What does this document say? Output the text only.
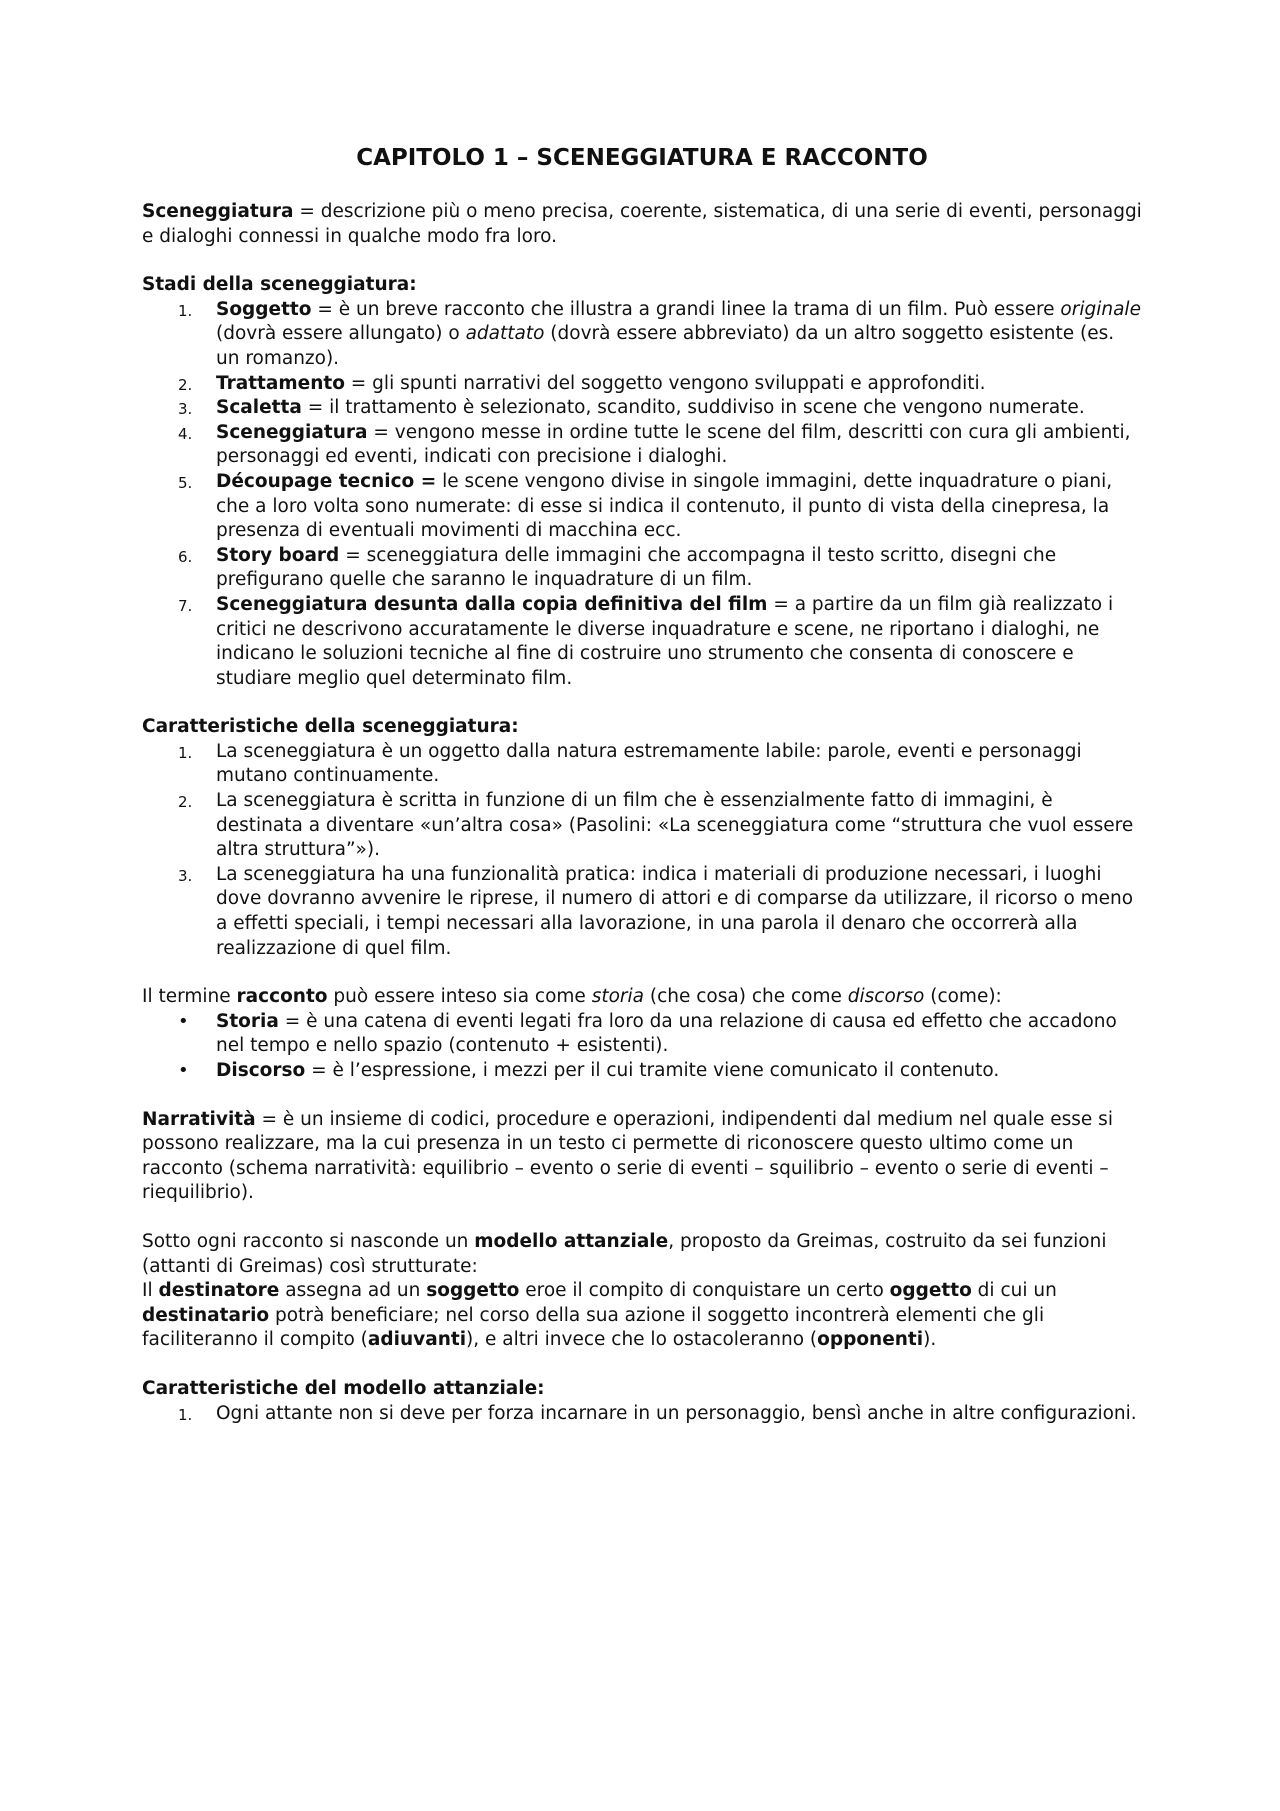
CAPITOLO 1 – SCENEGGIATURA E RACCONTO

Sceneggiatura = descrizione più o meno precisa, coerente, sistematica, di una serie di eventi, personaggi e dialoghi connessi in qualche modo fra loro.

Stadi della sceneggiatura:

1. Soggetto = è un breve racconto che illustra a grandi linee la trama di un film. Può essere originale (dovrà essere allungato) o adattato (dovrà essere abbreviato) da un altro soggetto esistente (es. un romanzo).
2. Trattamento = gli spunti narrativi del soggetto vengono sviluppati e approfonditi.
3. Scaletta = il trattamento è selezionato, scandito, suddiviso in scene che vengono numerate.
4. Sceneggiatura = vengono messe in ordine tutte le scene del film, descritti con cura gli ambienti, personaggi ed eventi, indicati con precisione i dialoghi.
5. Découpage tecnico = le scene vengono divise in singole immagini, dette inquadrature o piani, che a loro volta sono numerate: di esse si indica il contenuto, il punto di vista della cinepresa, la presenza di eventuali movimenti di macchina ecc.
6. Story board = sceneggiatura delle immagini che accompagna il testo scritto, disegni che prefigurano quelle che saranno le inquadrature di un film.
7. Sceneggiatura desunta dalla copia definitiva del film = a partire da un film già realizzato i critici ne descrivono accuratamente le diverse inquadrature e scene, ne riportano i dialoghi, ne indicano le soluzioni tecniche al fine di costruire uno strumento che consenta di conoscere e studiare meglio quel determinato film.

Caratteristiche della sceneggiatura:

1. La sceneggiatura è un oggetto dalla natura estremamente labile: parole, eventi e personaggi mutano continuamente.
2. La sceneggiatura è scritta in funzione di un film che è essenzialmente fatto di immagini, è destinata a diventare «un’altra cosa» (Pasolini: «La sceneggiatura come “struttura che vuol essere altra struttura”»).
3. La sceneggiatura ha una funzionalità pratica: indica i materiali di produzione necessari, i luoghi dove dovranno avvenire le riprese, il numero di attori e di comparse da utilizzare, il ricorso o meno a effetti speciali, i tempi necessari alla lavorazione, in una parola il denaro che occorrerà alla realizzazione di quel film.

Il termine racconto può essere inteso sia come storia (che cosa) che come discorso (come):

• Storia = è una catena di eventi legati fra loro da una relazione di causa ed effetto che accadono nel tempo e nello spazio (contenuto + esistenti).
• Discorso = è l’espressione, i mezzi per il cui tramite viene comunicato il contenuto.

Narratività = è un insieme di codici, procedure e operazioni, indipendenti dal medium nel quale esse si possono realizzare, ma la cui presenza in un testo ci permette di riconoscere questo ultimo come un racconto (schema narratività: equilibrio – evento o serie di eventi – squilibrio – evento o serie di eventi – riequilibrio).

Sotto ogni racconto si nasconde un modello attanziale, proposto da Greimas, costruito da sei funzioni (attanti di Greimas) così strutturate:

Il destinatore assegna ad un soggetto eroe il compito di conquistare un certo oggetto di cui un destinatario potrà beneficiare; nel corso della sua azione il soggetto incontrerà elementi che gli faciliteranno il compito (adiuvanti), e altri invece che lo ostacoleranno (opponenti).

Caratteristiche del modello attanziale:

1. Ogni attante non si deve per forza incarnare in un personaggio, bensì anche in altre configurazioni.
